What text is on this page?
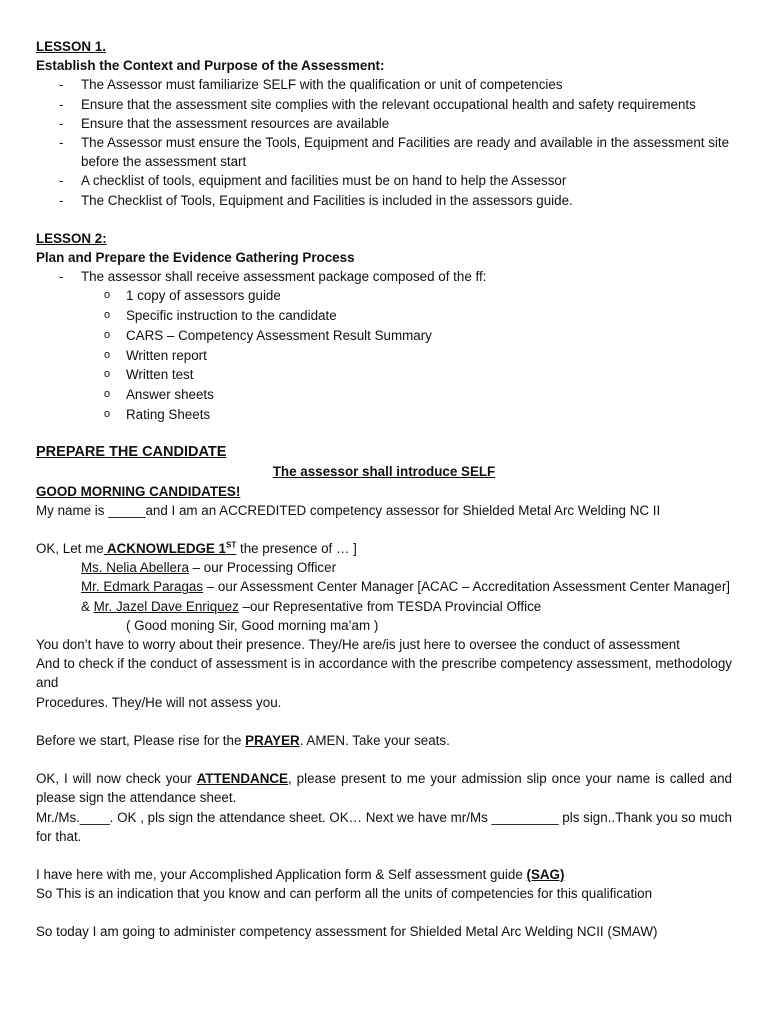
LESSON 1.
Establish the Context and Purpose of the Assessment:
- The Assessor must familiarize SELF with the qualification or unit of competencies
- Ensure that the assessment site complies with the relevant occupational health and safety requirements
- Ensure that the assessment resources are available
- The Assessor must ensure the Tools, Equipment and Facilities are ready and available in the assessment site before the assessment start
- A checklist of tools, equipment and facilities must be on hand to help the Assessor
- The Checklist of Tools, Equipment and Facilities is included in the assessors guide.
LESSON 2:
Plan and Prepare the Evidence Gathering Process
- The assessor shall receive assessment package composed of the ff:
o 1 copy of assessors guide
o Specific instruction to the candidate
o CARS – Competency Assessment Result Summary
o Written report
o Written test
o Answer sheets
o Rating Sheets
PREPARE THE CANDIDATE
The assessor shall introduce SELF
GOOD MORNING CANDIDATES!
My name is _____and I am an ACCREDITED competency assessor for Shielded Metal Arc Welding NC II
OK, Let me ACKNOWLEDGE 1ST the presence of … ]
Ms. Nelia Abellera – our Processing Officer
Mr. Edmark Paragas – our Assessment Center Manager [ACAC – Accreditation Assessment Center Manager]
& Mr. Jazel Dave Enriquez –our Representative from TESDA Provincial Office
( Good moning Sir, Good morning ma’am )
You don’t have to worry about their presence. They/He are/is just here to oversee the conduct of assessment
And to check if the conduct of assessment is in accordance with the prescribe competency assessment, methodology and
Procedures. They/He will not assess you.
Before we start, Please rise for the PRAYER. AMEN. Take your seats.
OK, I will now check your ATTENDANCE, please present to me your admission slip once your name is called and please sign the attendance sheet.
Mr./Ms.____. OK , pls sign the attendance sheet. OK… Next we have mr/Ms _________ pls sign..Thank you so much for that.
I have here with me, your Accomplished Application form & Self assessment guide (SAG)
So This is an indication that you know and can perform all the units of competencies for this qualification
So today I am going to administer competency assessment for Shielded Metal Arc Welding NCII (SMAW)
